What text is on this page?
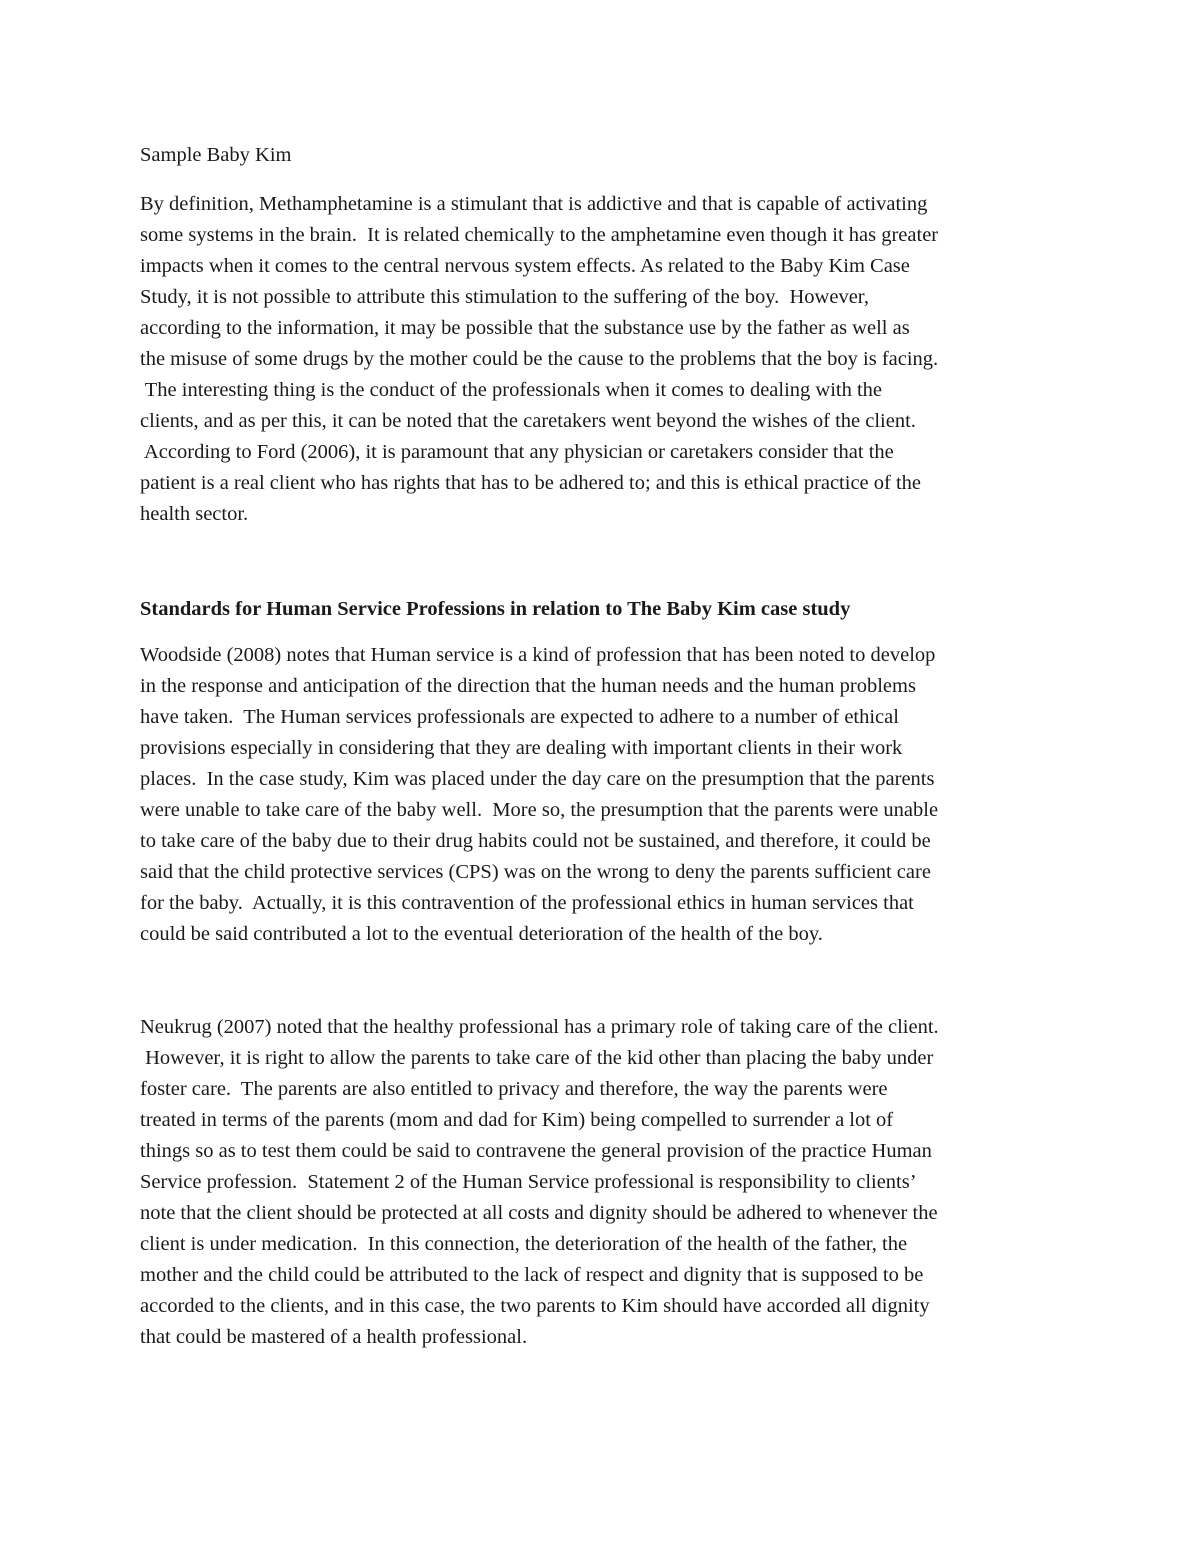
Sample Baby Kim
By definition, Methamphetamine is a stimulant that is addictive and that is capable of activating
some systems in the brain.  It is related chemically to the amphetamine even though it has greater
impacts when it comes to the central nervous system effects. As related to the Baby Kim Case
Study, it is not possible to attribute this stimulation to the suffering of the boy.  However,
according to the information, it may be possible that the substance use by the father as well as
the misuse of some drugs by the mother could be the cause to the problems that the boy is facing.
The interesting thing is the conduct of the professionals when it comes to dealing with the
clients, and as per this, it can be noted that the caretakers went beyond the wishes of the client.
According to Ford (2006), it is paramount that any physician or caretakers consider that the
patient is a real client who has rights that has to be adhered to; and this is ethical practice of the
health sector.
Standards for Human Service Professions in relation to The Baby Kim case study
Woodside (2008) notes that Human service is a kind of profession that has been noted to develop
in the response and anticipation of the direction that the human needs and the human problems
have taken.  The Human services professionals are expected to adhere to a number of ethical
provisions especially in considering that they are dealing with important clients in their work
places.  In the case study, Kim was placed under the day care on the presumption that the parents
were unable to take care of the baby well.  More so, the presumption that the parents were unable
to take care of the baby due to their drug habits could not be sustained, and therefore, it could be
said that the child protective services (CPS) was on the wrong to deny the parents sufficient care
for the baby.  Actually, it is this contravention of the professional ethics in human services that
could be said contributed a lot to the eventual deterioration of the health of the boy.
Neukrug (2007) noted that the healthy professional has a primary role of taking care of the client.
However, it is right to allow the parents to take care of the kid other than placing the baby under
foster care.  The parents are also entitled to privacy and therefore, the way the parents were
treated in terms of the parents (mom and dad for Kim) being compelled to surrender a lot of
things so as to test them could be said to contravene the general provision of the practice Human
Service profession.  Statement 2 of the Human Service professional is responsibility to clients’
note that the client should be protected at all costs and dignity should be adhered to whenever the
client is under medication.  In this connection, the deterioration of the health of the father, the
mother and the child could be attributed to the lack of respect and dignity that is supposed to be
accorded to the clients, and in this case, the two parents to Kim should have accorded all dignity
that could be mastered of a health professional.
